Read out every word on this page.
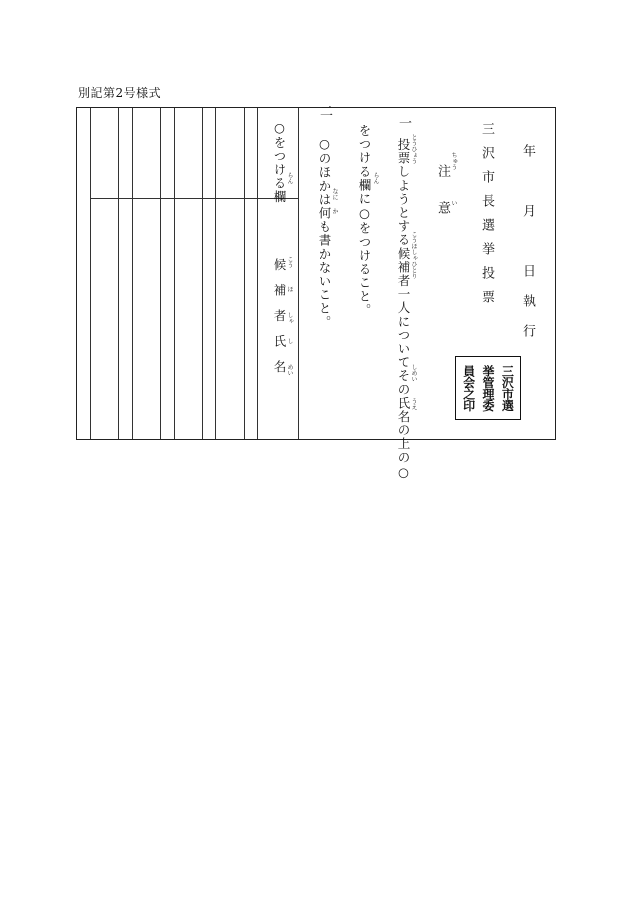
別記第2号様式
年　月　日執行
三沢市長選挙投票
三沢市選
挙管理委
員会之印
注意
ちゅう
い
一
投票しようとする候補者一人についてその氏名の上の○ とうひょう
こうほしゃひとり
しめい
うえ
をつける欄に○をつけること。 らん
二
○のほかは何も書かないこと。 なに
か
○をつける欄 らん
候補者氏名 こう
ほ
しゃ
し
めい
